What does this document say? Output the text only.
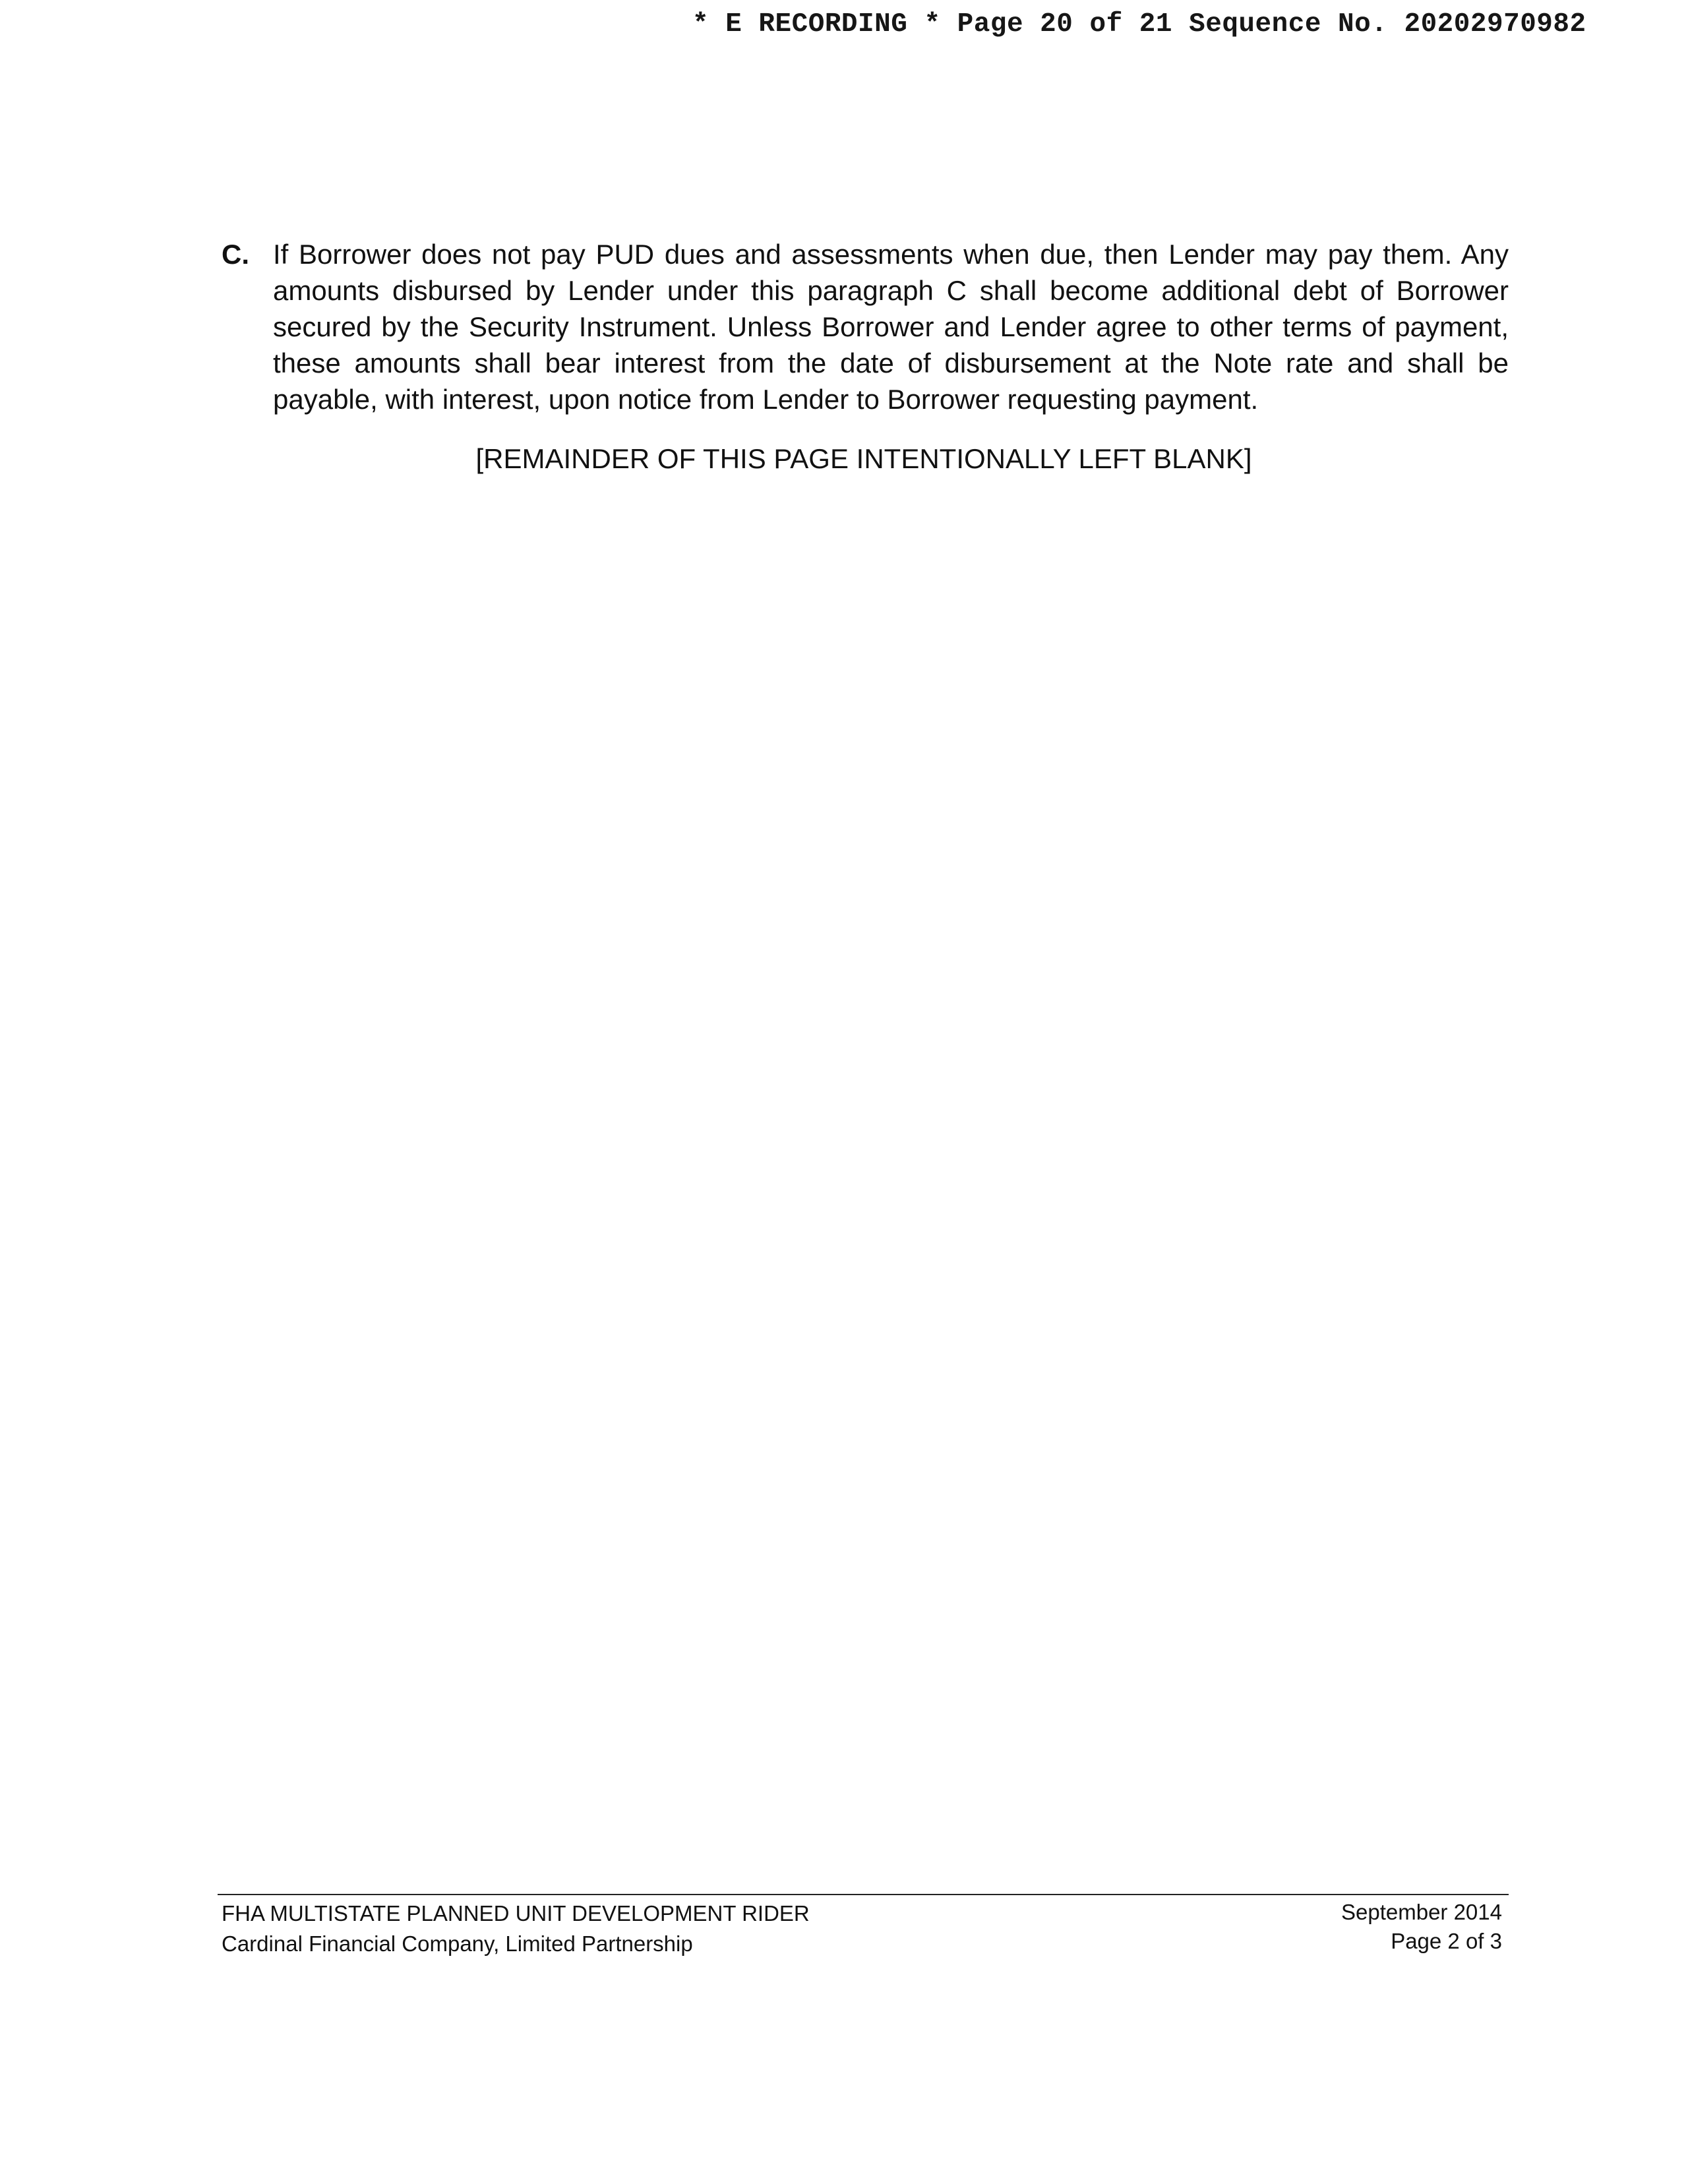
* E RECORDING * Page 20 of 21 Sequence No. 20202970982
C. If Borrower does not pay PUD dues and assessments when due, then Lender may pay them. Any amounts disbursed by Lender under this paragraph C shall become additional debt of Borrower secured by the Security Instrument. Unless Borrower and Lender agree to other terms of payment, these amounts shall bear interest from the date of disbursement at the Note rate and shall be payable, with interest, upon notice from Lender to Borrower requesting payment.
[REMAINDER OF THIS PAGE INTENTIONALLY LEFT BLANK]
FHA MULTISTATE PLANNED UNIT DEVELOPMENT RIDER
Cardinal Financial Company, Limited Partnership
September 2014
Page 2 of 3
